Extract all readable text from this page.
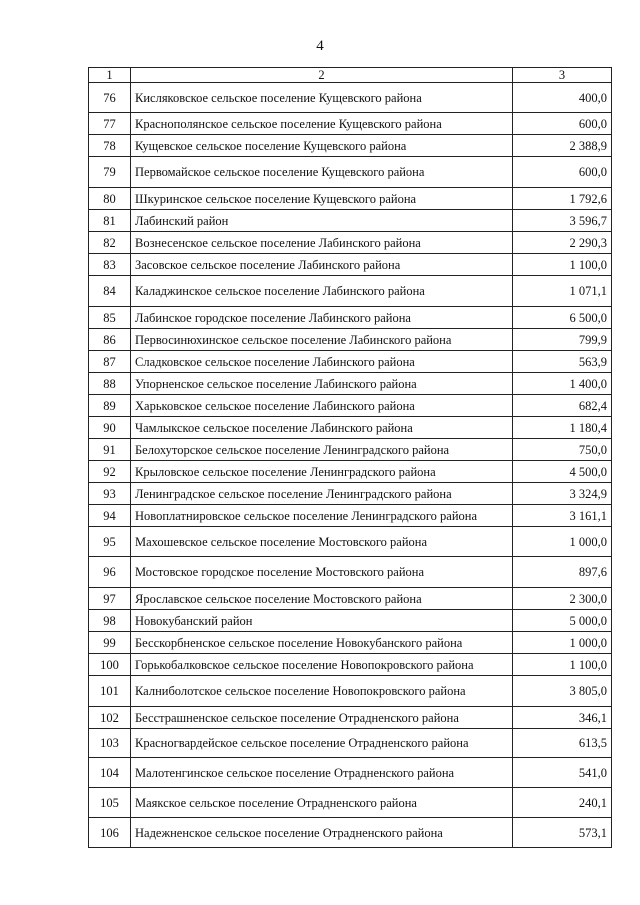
4
1	2	3
76	Кисляковское сельское поселение Кущевского района	400,0
77	Краснополянское сельское поселение Кущевского района	600,0
78	Кущевское сельское поселение Кущевского района	2 388,9
79	Первомайское сельское поселение Кущевского района	600,0
80	Шкуринское сельское поселение Кущевского района	1 792,6
81	Лабинский район	3 596,7
82	Вознесенское сельское поселение Лабинского района	2 290,3
83	Засовское сельское поселение Лабинского района	1 100,0
84	Каладжинское сельское поселение Лабинского района	1 071,1
85	Лабинское городское поселение Лабинского района	6 500,0
86	Первосинюхинское сельское поселение Лабинского района	799,9
87	Сладковское сельское поселение Лабинского района	563,9
88	Упорненское сельское поселение Лабинского района	1 400,0
89	Харьковское сельское поселение Лабинского района	682,4
90	Чамлыкское сельское поселение Лабинского района	1 180,4
91	Белохуторское сельское поселение Ленинградского района	750,0
92	Крыловское сельское поселение Ленинградского района	4 500,0
93	Ленинградское сельское поселение Ленинградского района	3 324,9
94	Новоплатнировское сельское поселение Ленинградского района	3 161,1
95	Махошевское сельское поселение Мостовского района	1 000,0
96	Мостовское городское поселение Мостовского района	897,6
97	Ярославское сельское поселение Мостовского района	2 300,0
98	Новокубанский район	5 000,0
99	Бесскорбненское сельское поселение Новокубанского района	1 000,0
100	Горькобалковское сельское поселение Новопокровского района	1 100,0
101	Калниболотское сельское поселение Новопокровского района	3 805,0
102	Бесстрашненское сельское поселение Отрадненского района	346,1
103	Красногвардейское сельское поселение Отрадненского района	613,5
104	Малотенгинское сельское поселение Отрадненского района	541,0
105	Маякское сельское поселение Отрадненского района	240,1
106	Надежненское сельское поселение Отрадненского района	573,1
